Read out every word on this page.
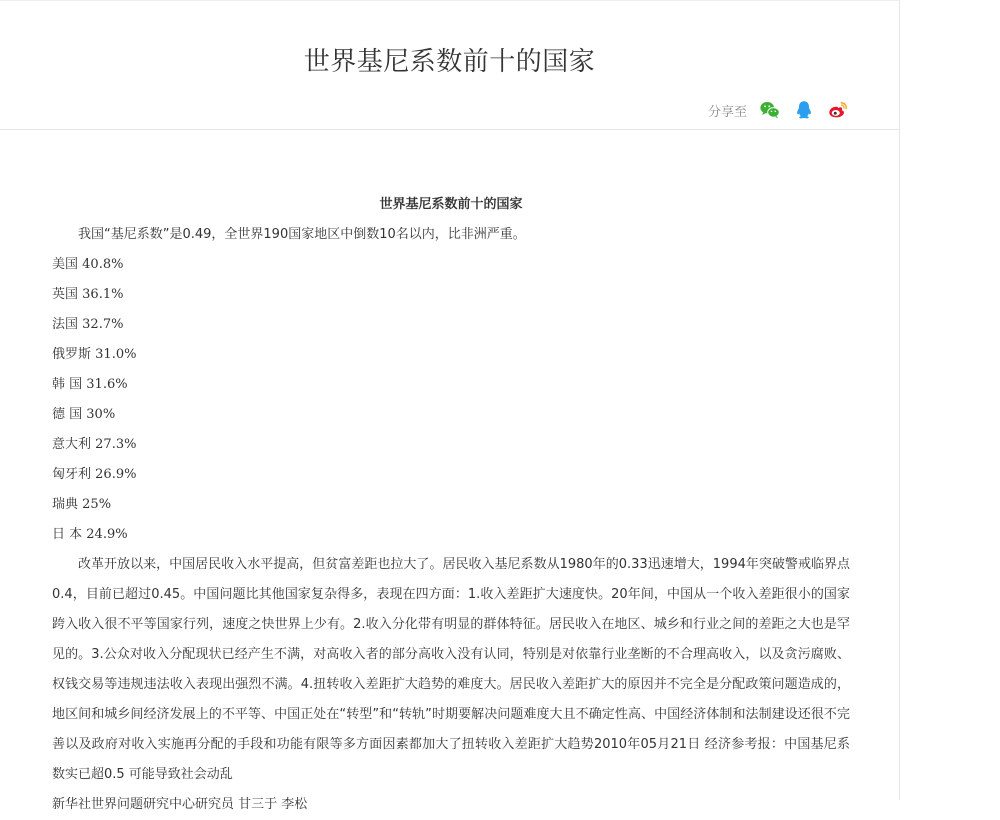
世界基尼系数前十的国家
分享至
世界基尼系数前十的国家
我国“基尼系数”是0.49，全世界190国家地区中倒数10名以内，比非洲严重。
美国 40.8%
英国 36.1%
法国 32.7%
俄罗斯 31.0%
韩 国 31.6%
德 国 30%
意大利 27.3%
匈牙利 26.9%
瑞典 25%
日 本 24.9%
改革开放以来，中国居民收入水平提高，但贫富差距也拉大了。居民收入基尼系数从1980年的0.33迅速增大，1994年突破警戒临界点0.4，目前已超过0.45。中国问题比其他国家复杂得多，表现在四方面：1.收入差距扩大速度快。20年间，中国从一个收入差距很小的国家跨入收入很不平等国家行列，速度之快世界上少有。2.收入分化带有明显的群体特征。居民收入在地区、城乡和行业之间的差距之大也是罕见的。3.公众对收入分配现状已经产生不满，对高收入者的部分高收入没有认同，特别是对依靠行业垄断的不合理高收入，以及贪污腐败、权钱交易等违规违法收入表现出强烈不满。4.扭转收入差距扩大趋势的难度大。居民收入差距扩大的原因并不完全是分配政策问题造成的，地区间和城乡间经济发展上的不平等、中国正处在“转型”和“转轨”时期要解决问题难度大且不确定性高、中国经济体制和法制建设还很不完善以及政府对收入实施再分配的手段和功能有限等多方面因素都加大了扭转收入差距扩大趋势2010年05月21日 经济参考报：中国基尼系数实已超0.5 可能导致社会动乱
新华社世界问题研究中心研究员 甘三于 李松
